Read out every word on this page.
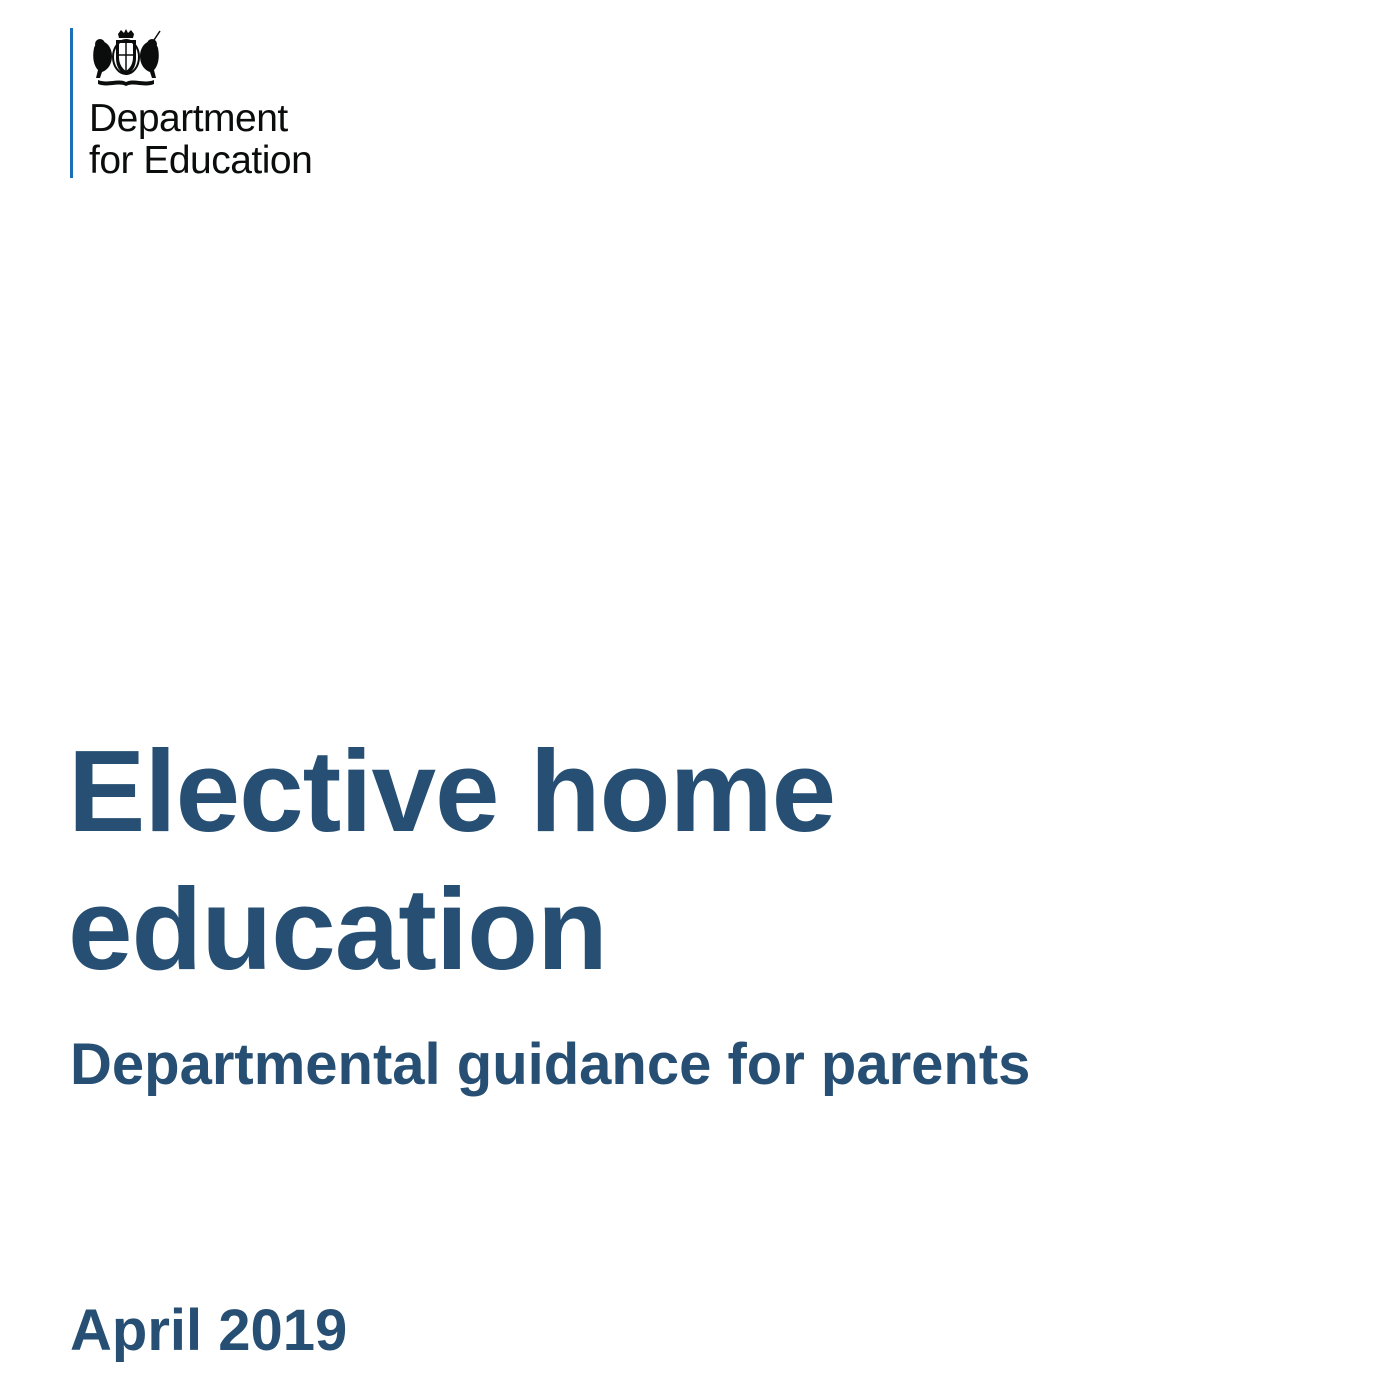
Department
for Education
Elective home
education

Departmental guidance for parents

April 2019
